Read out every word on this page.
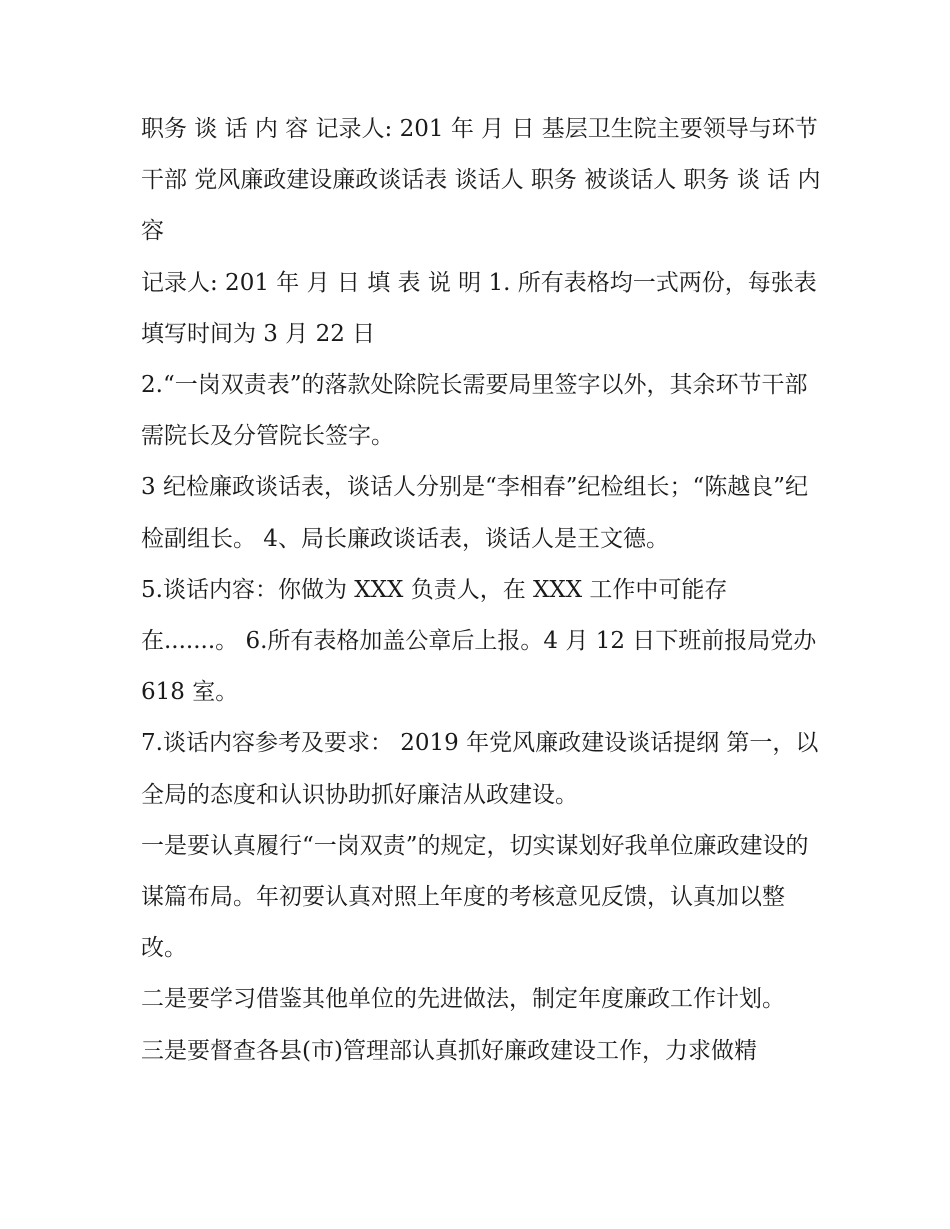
职务 谈 话 内 容 记录人: 201 年 月 日 基层卫生院主要领导与环节干部 党风廉政建设廉政谈话表 谈话人 职务 被谈话人 职务 谈 话 内 容

记录人: 201 年 月 日 填 表 说 明 1. 所有表格均一式两份，每张表填写时间为 3 月 22 日

2.“一岗双责表”的落款处除院长需要局里签字以外，其余环节干部需院长及分管院长签字。

3 纪检廉政谈话表，谈话人分别是“李相春”纪检组长；“陈越良”纪检副组长。 4、局长廉政谈话表，谈话人是王文德。

5.谈话内容：你做为 XXX 负责人，在 XXX 工作中可能存在.......。 6.所有表格加盖公章后上报。4 月 12 日下班前报局党办 618 室。

7.谈话内容参考及要求： 2019 年党风廉政建设谈话提纲 第一，以全局的态度和认识协助抓好廉洁从政建设。

一是要认真履行“一岗双责”的规定，切实谋划好我单位廉政建设的谋篇布局。年初要认真对照上年度的考核意见反馈，认真加以整改。

二是要学习借鉴其他单位的先进做法，制定年度廉政工作计划。

三是要督查各县(市)管理部认真抓好廉政建设工作，力求做精
